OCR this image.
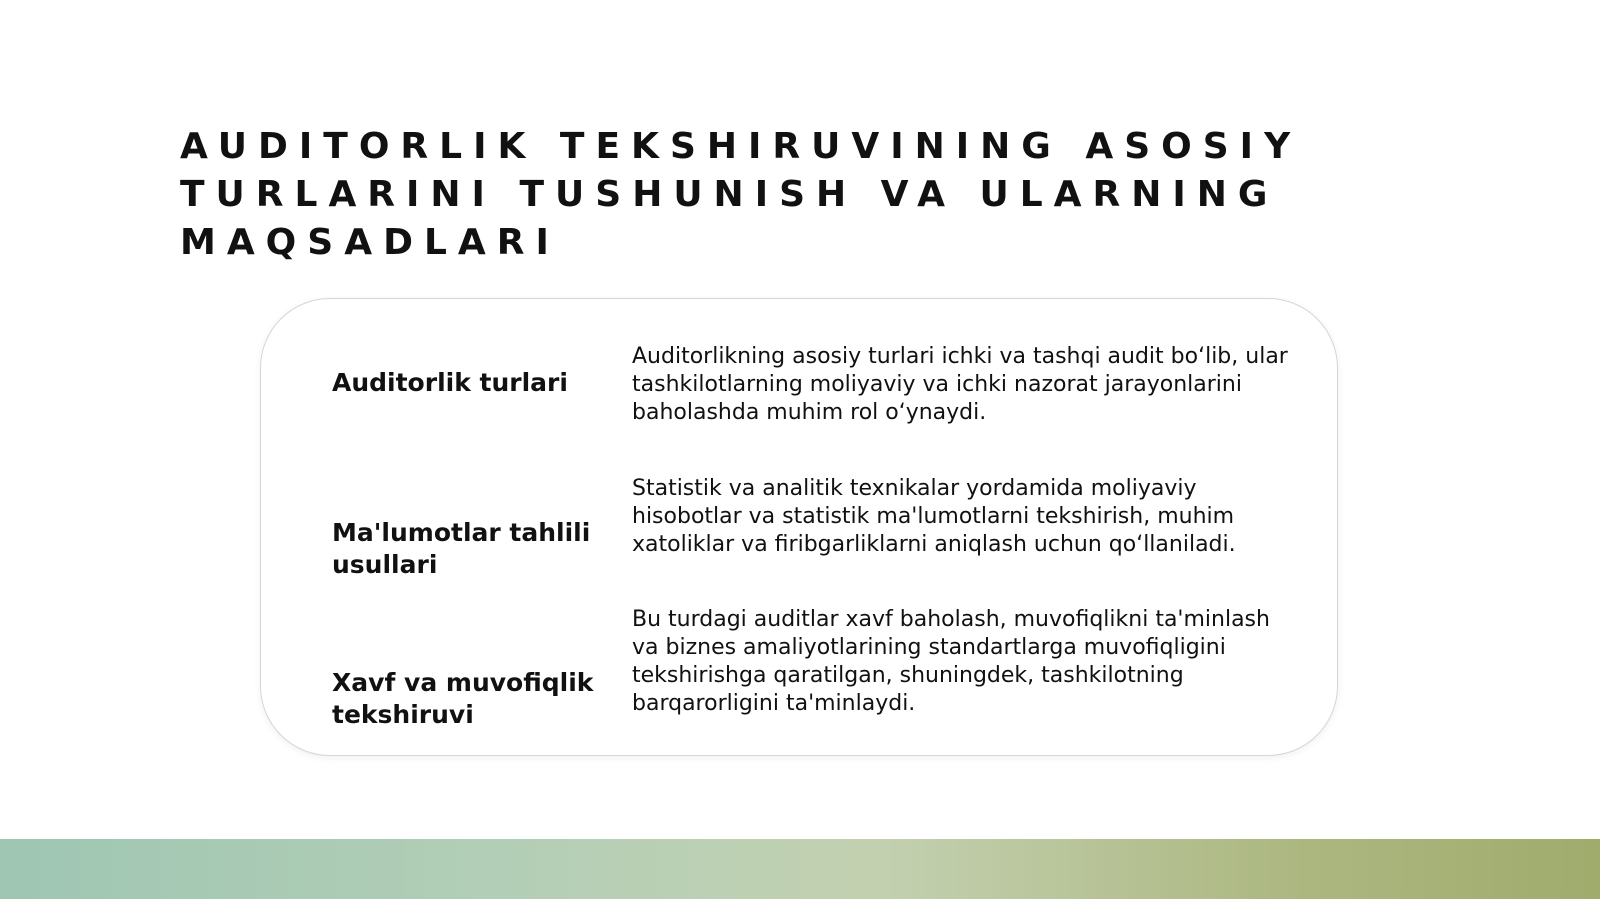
AUDITORLIK TEKSHIRUVINING ASOSIY TURLARINI TUSHUNISH VA ULARNING MAQSADLARI
Auditorlik turlari
Auditorlikning asosiy turlari ichki va tashqi audit bo‘lib, ular tashkilotlarning moliyaviy va ichki nazorat jarayonlarini baholashda muhim rol o‘ynaydi.
Ma'lumotlar tahlili usullari
Statistik va analitik texnikalar yordamida moliyaviy hisobotlar va statistik ma'lumotlarni tekshirish, muhim xatoliklar va firibgarliklarni aniqlash uchun qo‘llaniladi.
Xavf va muvofiqlik tekshiruvi
Bu turdagi auditlar xavf baholash, muvofiqlikni ta'minlash va biznes amaliyotlarining standartlarga muvofiqligini tekshirishga qaratilgan, shuningdek, tashkilotning barqarorligini ta'minlaydi.
